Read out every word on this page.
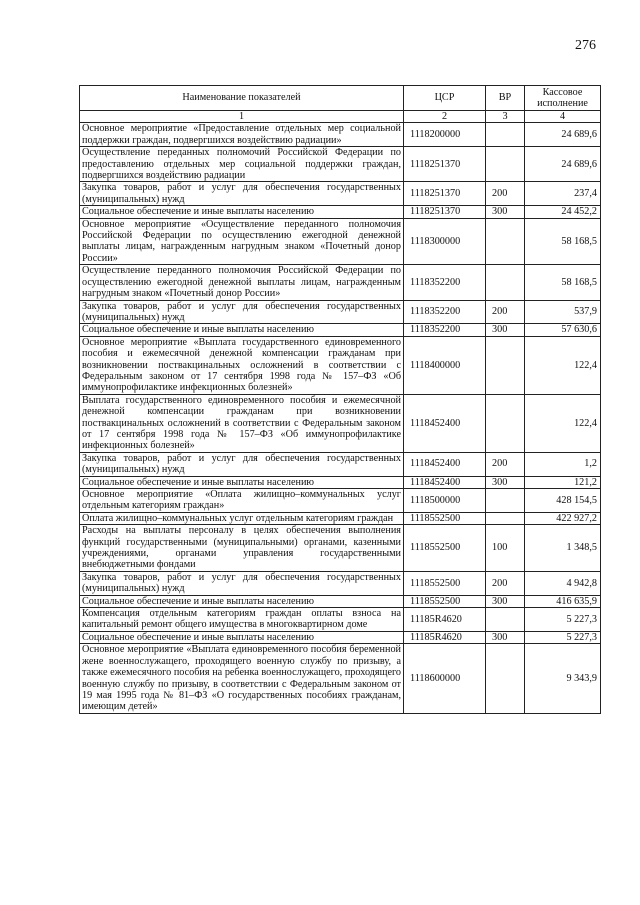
276
Наименование показателей	ЦСР	ВР	Кассовое исполнение
1	2	3	4
Основное мероприятие «Предоставление отдельных мер социальной поддержки граждан, подвергшихся воздействию радиации»	1118200000		24 689,6
Осуществление переданных полномочий Российской Федерации по предоставлению отдельных мер социальной поддержки граждан, подвергшихся воздействию радиации	1118251370		24 689,6
Закупка товаров, работ и услуг для обеспечения государственных (муниципальных) нужд	1118251370	200	237,4
Социальное обеспечение и иные выплаты населению	1118251370	300	24 452,2
Основное мероприятие «Осуществление переданного полномочия Российской Федерации по осуществлению ежегодной денежной выплаты лицам, награжденным нагрудным знаком «Почетный донор России»	1118300000		58 168,5
Осуществление переданного полномочия Российской Федерации по осуществлению ежегодной денежной выплаты лицам, награжденным нагрудным знаком «Почетный донор России»	1118352200		58 168,5
Закупка товаров, работ и услуг для обеспечения государственных (муниципальных) нужд	1118352200	200	537,9
Социальное обеспечение и иные выплаты населению	1118352200	300	57 630,6
Основное мероприятие «Выплата государственного единовременного пособия и ежемесячной денежной компенсации гражданам при возникновении поствакцинальных осложнений в соответствии с Федеральным законом от 17 сентября 1998 года № 157–ФЗ «Об иммунопрофилактике инфекционных болезней»	1118400000		122,4
Выплата государственного единовременного пособия и ежемесячной денежной компенсации гражданам при возникновении поствакцинальных осложнений в соответствии с Федеральным законом от 17 сентября 1998 года № 157–ФЗ «Об иммунопрофилактике инфекционных болезней»	1118452400		122,4
Закупка товаров, работ и услуг для обеспечения государственных (муниципальных) нужд	1118452400	200	1,2
Социальное обеспечение и иные выплаты населению	1118452400	300	121,2
Основное мероприятие «Оплата жилищно–коммунальных услуг отдельным категориям граждан»	1118500000		428 154,5
Оплата жилищно–коммунальных услуг отдельным категориям граждан	1118552500		422 927,2
Расходы на выплаты персоналу в целях обеспечения выполнения функций государственными (муниципальными) органами, казенными учреждениями, органами управления государственными внебюджетными фондами	1118552500	100	1 348,5
Закупка товаров, работ и услуг для обеспечения государственных (муниципальных) нужд	1118552500	200	4 942,8
Социальное обеспечение и иные выплаты населению	1118552500	300	416 635,9
Компенсация отдельным категориям граждан оплаты взноса на капитальный ремонт общего имущества в многоквартирном доме	11185R4620		5 227,3
Социальное обеспечение и иные выплаты населению	11185R4620	300	5 227,3
Основное мероприятие «Выплата единовременного пособия беременной жене военнослужащего, проходящего военную службу по призыву, а также ежемесячного пособия на ребенка военнослужащего, проходящего военную службу по призыву, в соответствии с Федеральным законом от 19 мая 1995 года № 81–ФЗ «О государственных пособиях гражданам, имеющим детей»	1118600000		9 343,9
